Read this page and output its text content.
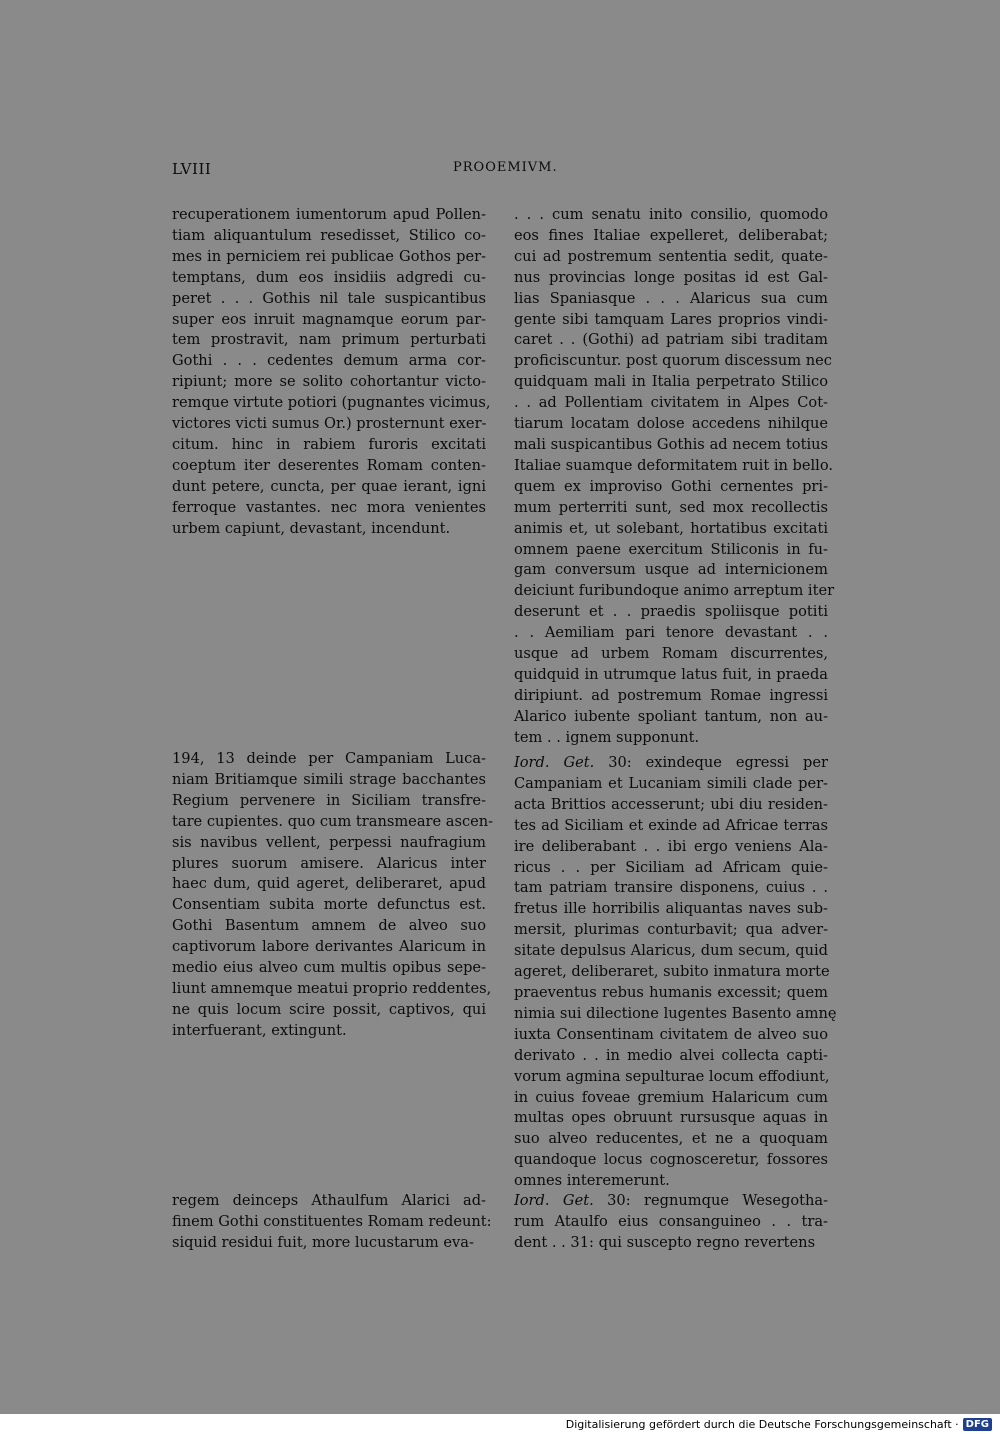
LVIII	PROOEMIVM.
recuperationem iumentorum apud Pollen-
tiam aliquantulum resedisset, Stilico co-
mes in perniciem rei publicae Gothos per-
temptans, dum eos insidiis adgredi cu-
peret . . . Gothis nil tale suspicantibus
super eos inruit magnamque eorum par-
tem prostravit, nam primum perturbati
Gothi . . . cedentes demum arma cor-
ripiunt; more se solito cohortantur victo-
remque virtute potiori (pugnantes vicimus,
victores victi sumus Or.) prosternunt exer-
citum. hinc in rabiem furoris excitati
coeptum iter deserentes Romam conten-
dunt petere, cuncta, per quae ierant, igni
ferroque vastantes. nec mora venientes
urbem capiunt, devastant, incendunt.
194, 13 deinde per Campaniam Luca-
niam Britiamque simili strage bacchantes
Regium pervenere in Siciliam transfre-
tare cupientes. quo cum transmeare ascen-
sis navibus vellent, perpessi naufragium
plures suorum amisere. Alaricus inter
haec dum, quid ageret, deliberaret, apud
Consentiam subita morte defunctus est.
Gothi Basentum amnem de alveo suo
captivorum labore derivantes Alaricum in
medio eius alveo cum multis opibus sepe-
liunt amnemque meatui proprio reddentes,
ne quis locum scire possit, captivos, qui
interfuerant, extingunt.
regem deinceps Athaulfum Alarici ad-
finem Gothi constituentes Romam redeunt:
siquid residui fuit, more lucustarum eva-
. . . cum senatu inito consilio, quomodo
eos fines Italiae expelleret, deliberabat;
cui ad postremum sententia sedit, quate-
nus provincias longe positas id est Gal-
lias Spaniasque . . . Alaricus sua cum
gente sibi tamquam Lares proprios vindi-
caret . . (Gothi) ad patriam sibi traditam
proficiscuntur. post quorum discessum nec
quidquam mali in Italia perpetrato Stilico
. . ad Pollentiam civitatem in Alpes Cot-
tiarum locatam dolose accedens nihilque
mali suspicantibus Gothis ad necem totius
Italiae suamque deformitatem ruit in bello.
quem ex improviso Gothi cernentes pri-
mum perterriti sunt, sed mox recollectis
animis et, ut solebant, hortatibus excitati
omnem paene exercitum Stiliconis in fu-
gam conversum usque ad internicionem
deiciunt furibundoque animo arreptum iter
deserunt et . . praedis spoliisque potiti
. . Aemiliam pari tenore devastant . .
usque ad urbem Romam discurrentes,
quidquid in utrumque latus fuit, in praeda
diripiunt. ad postremum Romae ingressi
Alarico iubente spoliant tantum, non au-
tem . . ignem supponunt.
Iord. Get. 30: exindeque egressi per
Campaniam et Lucaniam simili clade per-
acta Brittios accesserunt; ubi diu residen-
tes ad Siciliam et exinde ad Africae terras
ire deliberabant . . ibi ergo veniens Ala-
ricus . . per Siciliam ad Africam quie-
tam patriam transire disponens, cuius . .
fretus ille horribilis aliquantas naves sub-
mersit, plurimas conturbavit; qua adver-
sitate depulsus Alaricus, dum secum, quid
ageret, deliberaret, subito inmatura morte
praeventus rebus humanis excessit; quem
nimia sui dilectione lugentes Basento amnę
iuxta Consentinam civitatem de alveo suo
derivato . . in medio alvei collecta capti-
vorum agmina sepulturae locum effodiunt,
in cuius foveae gremium Halaricum cum
multas opes obruunt rursusque aquas in
suo alveo reducentes, et ne a quoquam
quandoque locus cognosceretur, fossores
omnes interemerunt.
Iord. Get. 30: regnumque Wesegotha-
rum Ataulfo eius consanguineo . . tra-
dent . . 31: qui suscepto regno revertens
Digitalisierung gefördert durch die Deutsche Forschungsgemeinschaft · DFG
